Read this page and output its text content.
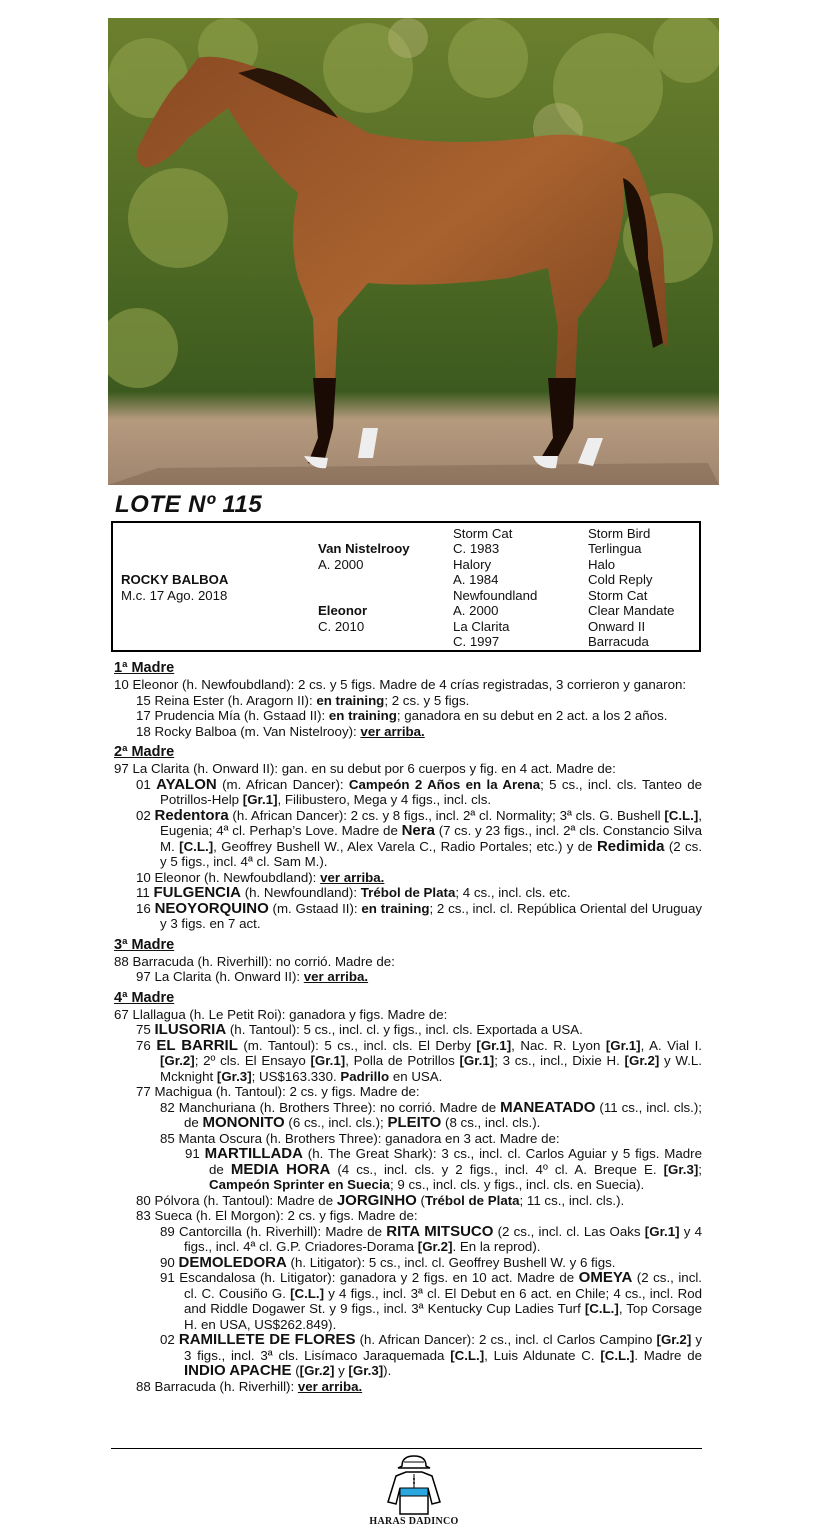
LOTE Nº 115
ROCKY BALBOA
M.c. 17 Ago. 2018
Van Nistelrooy
A. 2000
Eleonor
C. 2010
Storm Cat
C. 1983
Halory
A. 1984
Newfoundland
A. 2000
La Clarita
C. 1997
Storm Bird
Terlingua
Halo
Cold Reply
Storm Cat
Clear Mandate
Onward II
Barracuda
1ª Madre
10 Eleonor (h. Newfoubdland): 2 cs. y 5 figs. Madre de 4 crías registradas, 3 corrieron y ganaron:
15 Reina Ester (h. Aragorn II): en training; 2 cs. y 5 figs.
17 Prudencia Mía (h. Gstaad II): en training; ganadora en su debut en 2 act. a los 2 años.
18 Rocky Balboa (m. Van Nistelrooy): ver arriba.
2ª Madre
97 La Clarita (h. Onward II): gan. en su debut por 6 cuerpos y fig. en 4 act. Madre de:
01 AYALON (m. African Dancer): Campeón 2 Años en la Arena; 5 cs., incl. cls. Tanteo de Potrillos-Help [Gr.1], Filibustero, Mega y 4 figs., incl. cls.
02 Redentora (h. African Dancer): 2 cs. y 8 figs., incl. 2ª cl. Normality; 3ª cls. G. Bushell [C.L.], Eugenia; 4ª cl. Perhap’s Love. Madre de Nera (7 cs. y 23 figs., incl. 2ª cls. Constancio Silva M. [C.L.], Geoffrey Bushell W., Alex Varela C., Radio Portales; etc.) y de Redimida (2 cs. y 5 figs., incl. 4ª cl. Sam M.).
10 Eleonor (h. Newfoubdland): ver arriba.
11 FULGENCIA (h. Newfoundland): Trébol de Plata; 4 cs., incl. cls. etc.
16 NEOYORQUINO (m. Gstaad II): en training; 2 cs., incl. cl. República Oriental del Uruguay y 3 figs. en 7 act.
3ª Madre
88 Barracuda (h. Riverhill): no corrió. Madre de:
97 La Clarita (h. Onward II): ver arriba.
4ª Madre
67 Llallagua (h. Le Petit Roi): ganadora y figs. Madre de:
75 ILUSORIA (h. Tantoul): 5 cs., incl. cl. y figs., incl. cls. Exportada a USA.
76 EL BARRIL (m. Tantoul): 5 cs., incl. cls. El Derby [Gr.1], Nac. R. Lyon [Gr.1], A. Vial I. [Gr.2]; 2º cls. El Ensayo [Gr.1], Polla de Potrillos [Gr.1]; 3 cs., incl., Dixie H. [Gr.2] y W.L. Mcknight [Gr.3]; US$163.330. Padrillo en USA.
77 Machigua (h. Tantoul): 2 cs. y figs. Madre de:
82 Manchuriana (h. Brothers Three): no corrió. Madre de MANEATADO (11 cs., incl. cls.); de MONONITO (6 cs., incl. cls.); PLEITO (8 cs., incl. cls.).
85 Manta Oscura (h. Brothers Three): ganadora en 3 act. Madre de:
91 MARTILLADA (h. The Great Shark): 3 cs., incl. cl. Carlos Aguiar y 5 figs. Madre de MEDIA HORA (4 cs., incl. cls. y 2 figs., incl. 4º cl. A. Breque E. [Gr.3]; Campeón Sprinter en Suecia; 9 cs., incl. cls. y figs., incl. cls. en Suecia).
80 Pólvora (h. Tantoul): Madre de JORGINHO (Trébol de Plata; 11 cs., incl. cls.).
83 Sueca (h. El Morgon): 2 cs. y figs. Madre de:
89 Cantorcilla (h. Riverhill): Madre de RITA MITSUCO (2 cs., incl. cl. Las Oaks [Gr.1] y 4 figs., incl. 4ª cl. G.P. Criadores-Dorama [Gr.2]. En la reprod).
90 DEMOLEDORA (h. Litigator): 5 cs., incl. cl. Geoffrey Bushell W. y 6 figs.
91 Escandalosa (h. Litigator): ganadora y 2 figs. en 10 act. Madre de OMEYA (2 cs., incl. cl. C. Cousiño G. [C.L.] y 4 figs., incl. 3ª cl. El Debut en 6 act. en Chile; 4 cs., incl. Rod and Riddle Dogawer St. y 9 figs., incl. 3ª Kentucky Cup Ladies Turf [C.L.], Top Corsage H. en USA, US$262.849).
02 RAMILLETE DE FLORES (h. African Dancer): 2 cs., incl. cl Carlos Campino [Gr.2] y 3 figs., incl. 3ª cls. Lisímaco Jaraquemada [C.L.], Luis Aldunate C. [C.L.]. Madre de INDIO APACHE ([Gr.2] y [Gr.3]).
88 Barracuda (h. Riverhill): ver arriba.
HARAS DADINCO
